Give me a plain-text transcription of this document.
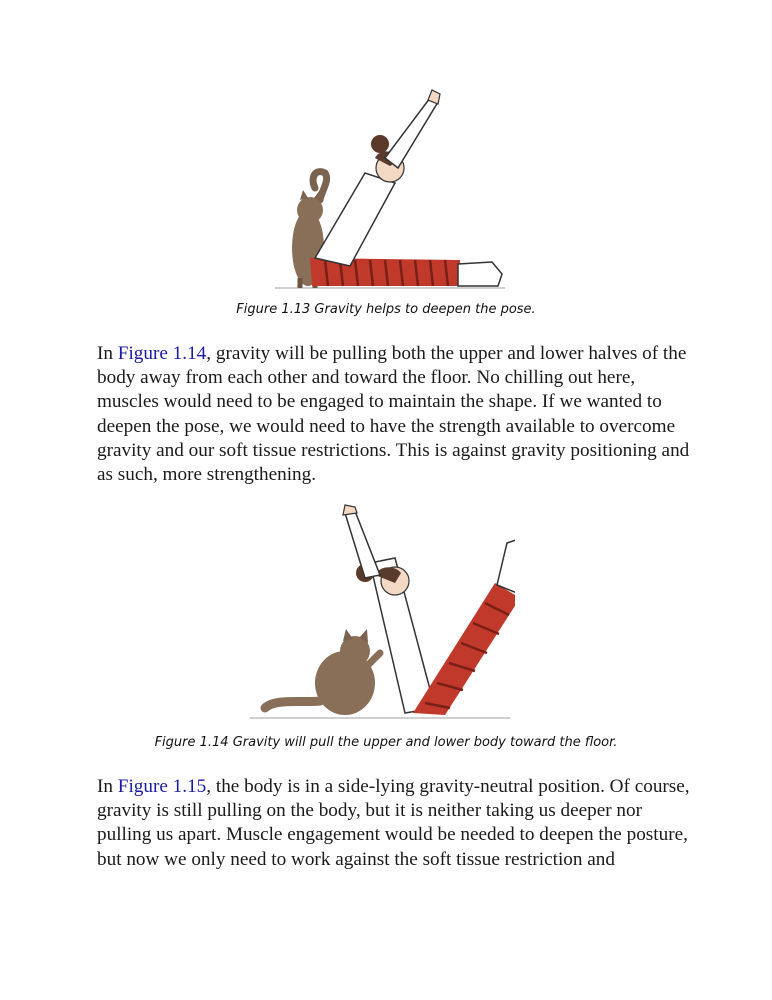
Figure 1.13 Gravity helps to deepen the pose.

In Figure 1.14, gravity will be pulling both the upper and lower halves of the body away from each other and toward the floor. No chilling out here, muscles would need to be engaged to maintain the shape. If we wanted to deepen the pose, we would need to have the strength available to overcome gravity and our soft tissue restrictions. This is against gravity positioning and as such, more strengthening.

Figure 1.14 Gravity will pull the upper and lower body toward the floor.

In Figure 1.15, the body is in a side-lying gravity-neutral position. Of course, gravity is still pulling on the body, but it is neither taking us deeper nor pulling us apart. Muscle engagement would be needed to deepen the posture, but now we only need to work against the soft tissue restriction and
